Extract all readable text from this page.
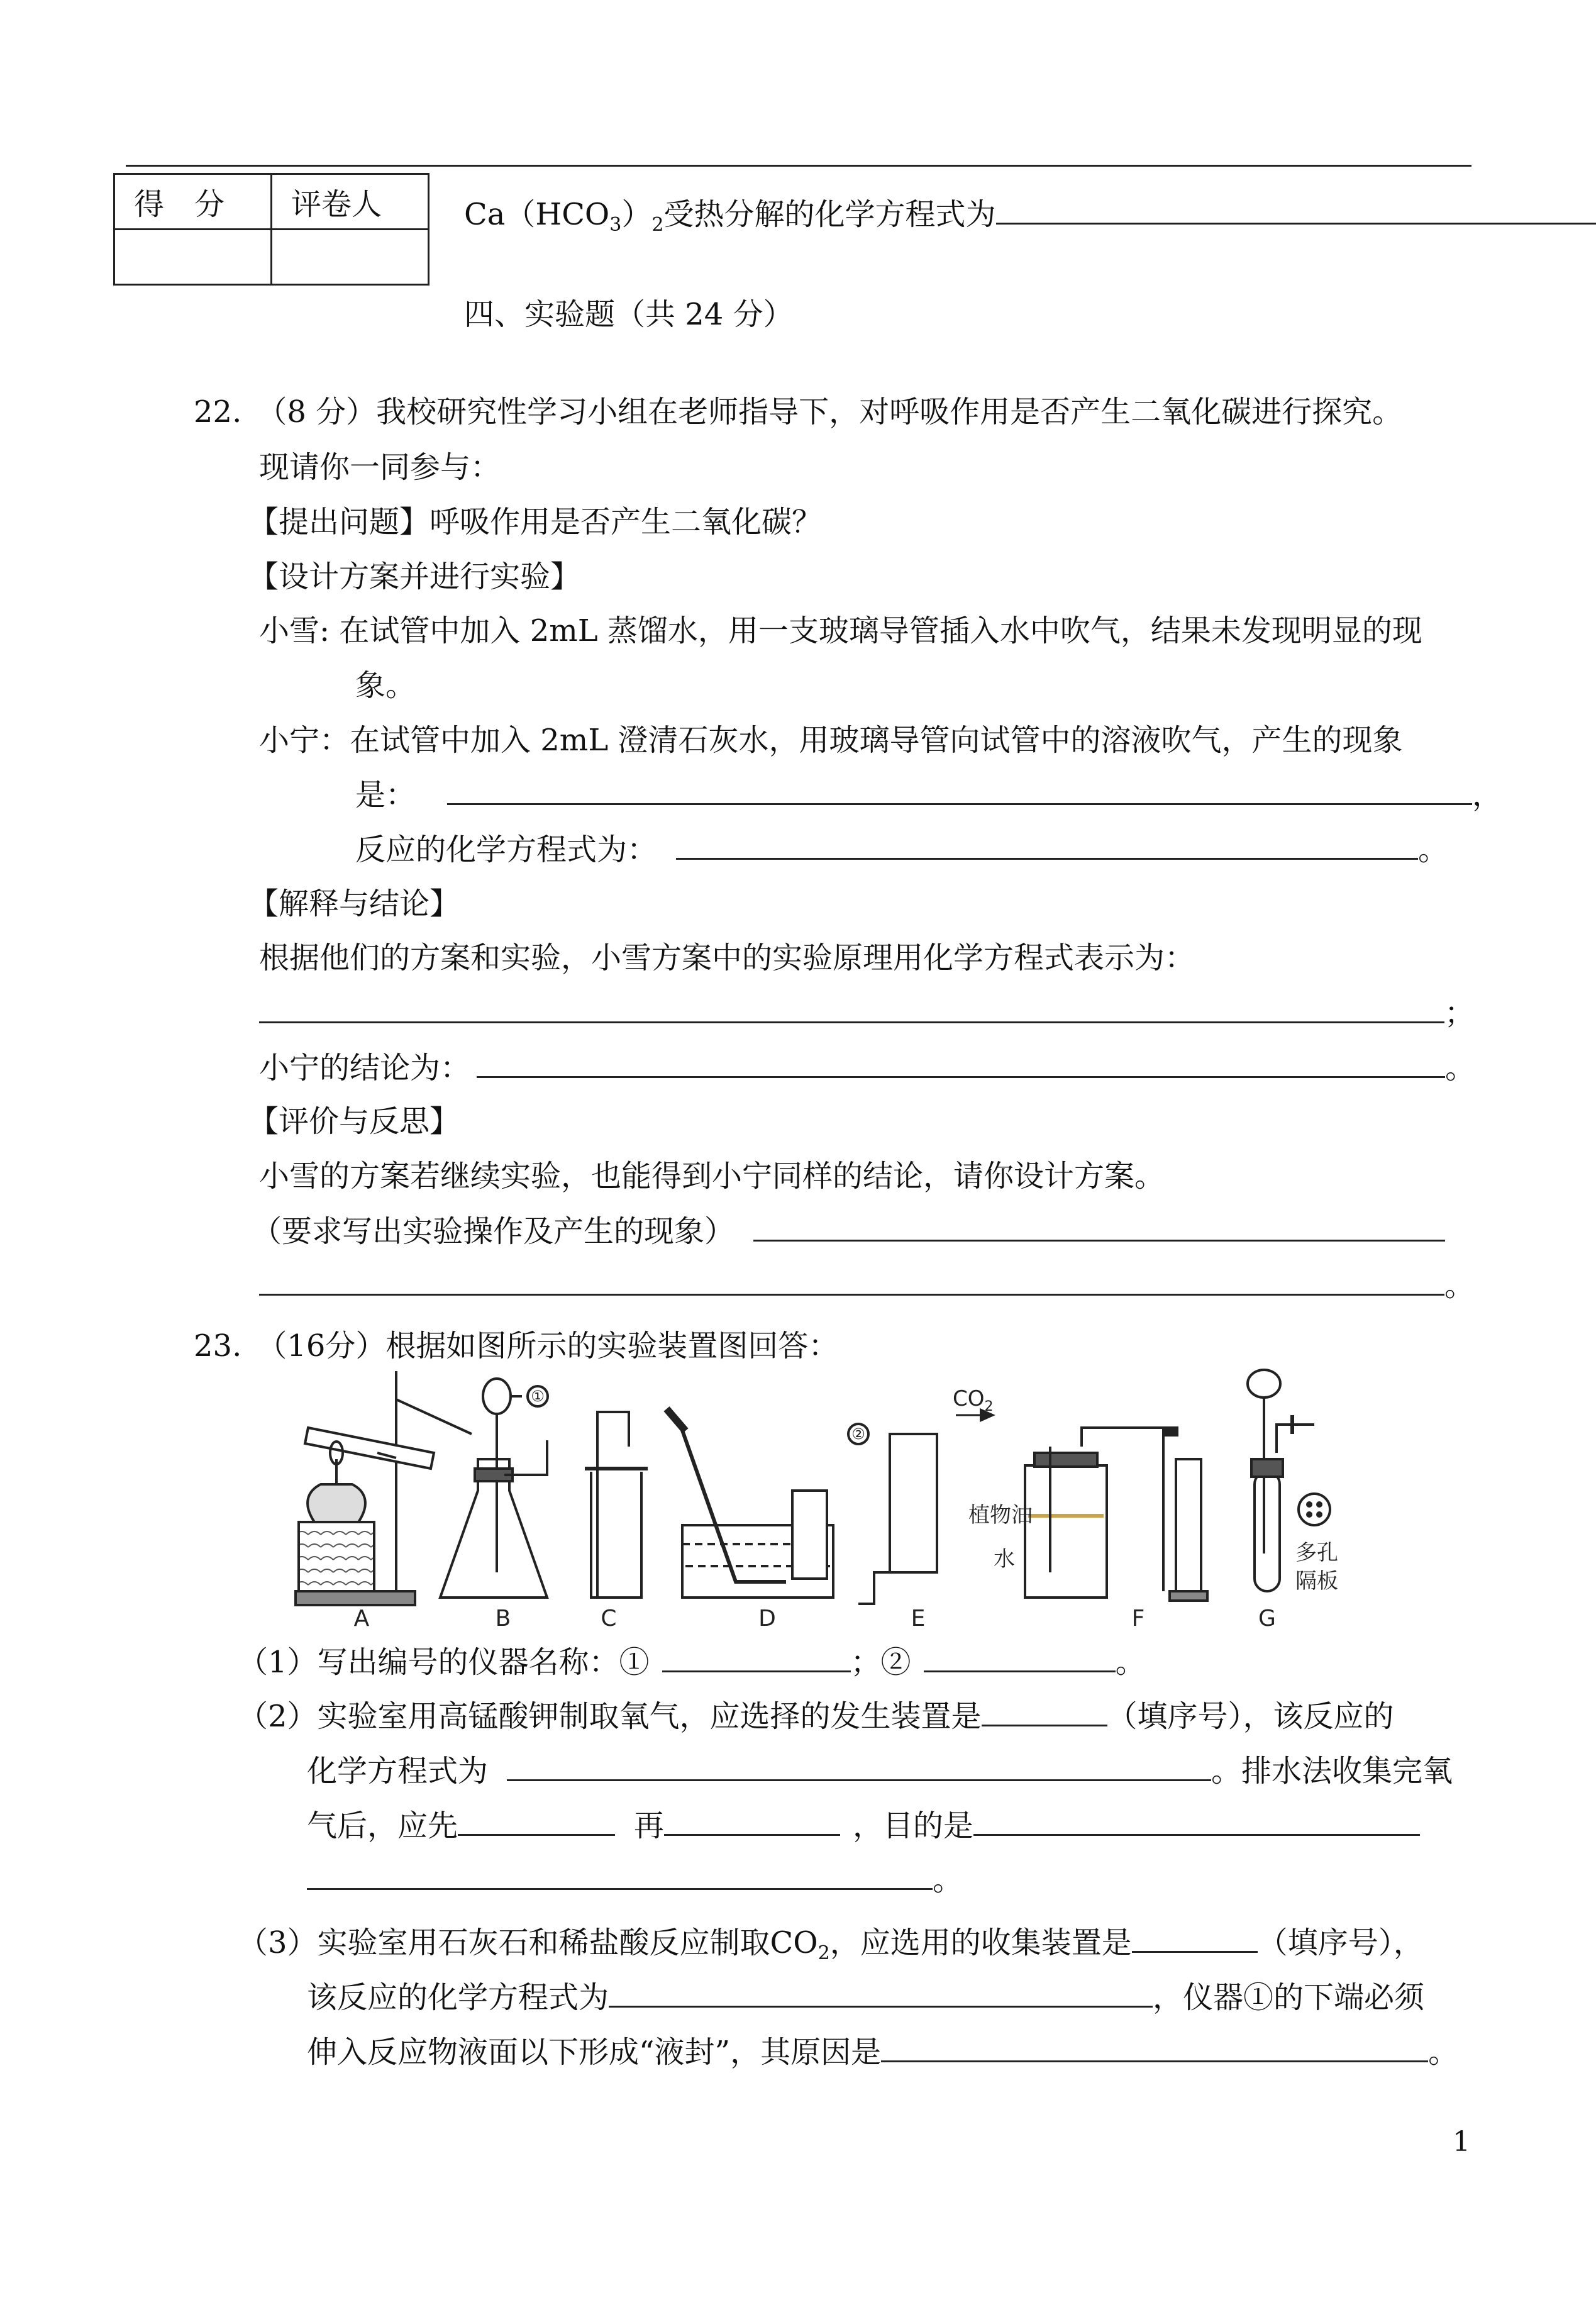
得　分	评卷人
		$Ca(HCO_3)_2$受热分解的化学方程式为
四、实验题（共 24 分）
22.　（8 分）我校研究性学习小组在老师指导下，对呼吸作用是否产生二氧化碳进行探究。
现请你一同参与：
【提出问题】呼吸作用是否产生二氧化碳？
【设计方案并进行实验】
小雪: 在试管中加入 2mL 蒸馏水，用一支玻璃导管插入水中吹气，结果未发现明显的现
象。
小宁：在试管中加入 2mL 澄清石灰水，用玻璃导管向试管中的溶液吹气，产生的现象
是：	，
反应的化学方程式为：	。
【解释与结论】
根据他们的方案和实验，小雪方案中的实验原理用化学方程式表示为：
；
小宁的结论为：	。
【评价与反思】
小雪的方案若继续实验，也能得到小宁同样的结论，请你设计方案。
（要求写出实验操作及产生的现象）
。
23.　（16分）根据如图所示的实验装置图回答：
①
②
$CO_2$
植物油
水	多孔
隔板
A	B	C	D	E	F	G
（1）写出编号的仪器名称：①	；②	。
（2）实验室用高锰酸钾制取氧气，应选择的发生装置是	（填序号），该反应的
化学方程式为	。排水法收集完氧
气后，应先	再	，目的是
。
（3）实验室用石灰石和稀盐酸反应制取$CO_2$，应选用的收集装置是	（填序号），
该反应的化学方程式为	，仪器①的下端必须
伸入反应物液面以下形成“液封”，其原因是	。
1
